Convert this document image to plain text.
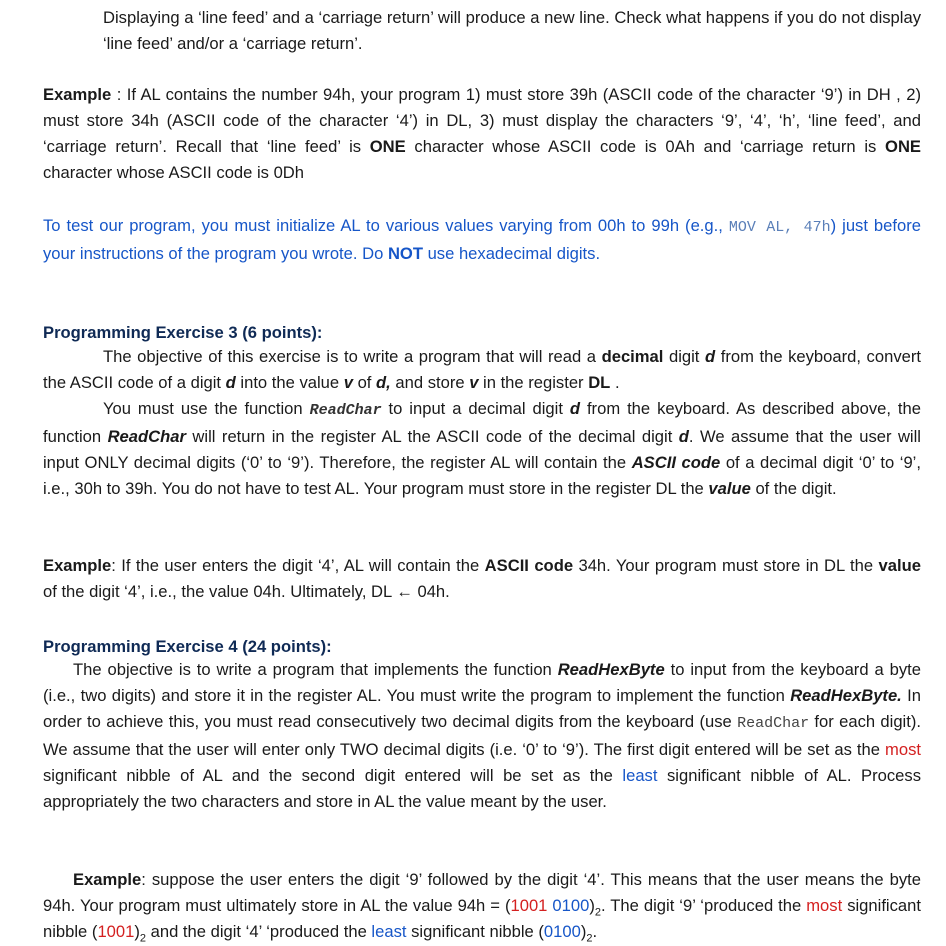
Displaying a ‘line feed’ and a ‘carriage return’ will produce a new line. Check what happens if you do not display ‘line feed’ and/or a ‘carriage return’.

Example : If AL contains the number 94h, your program 1) must store 39h (ASCII code of the character ‘9’) in DH , 2) must store 34h (ASCII code of the character ‘4’) in DL, 3) must display the characters ‘9’, ‘4’, ‘h’, ‘line feed’, and ‘carriage return’. Recall that ‘line feed’ is ONE character whose ASCII code is 0Ah and ‘carriage return is ONE character whose ASCII code is 0Dh

To test our program, you must initialize AL to various values varying from 00h to 99h (e.g., MOV AL, 47h) just before your instructions of the program you wrote. Do NOT use hexadecimal digits.

Programming Exercise 3 (6 points):

The objective of this exercise is to write a program that will read a decimal digit d from the keyboard, convert the ASCII code of a digit d into the value v of d, and store v in the register DL .

You must use the function ReadChar to input a decimal digit d from the keyboard. As described above, the function ReadChar will return in the register AL the ASCII code of the decimal digit d. We assume that the user will input ONLY decimal digits (‘0’ to ‘9’). Therefore, the register AL will contain the ASCII code of a decimal digit ‘0’ to ‘9’, i.e., 30h to 39h. You do not have to test AL. Your program must store in the register DL the value of the digit.

Example: If the user enters the digit ‘4’, AL will contain the ASCII code 34h. Your program must store in DL the value of the digit ‘4’, i.e., the value 04h. Ultimately, DL ← 04h.

Programming Exercise 4 (24 points):

The objective is to write a program that implements the function ReadHexByte to input from the keyboard a byte (i.e., two digits) and store it in the register AL. You must write the program to implement the function ReadHexByte. In order to achieve this, you must read consecutively two decimal digits from the keyboard (use ReadChar for each digit). We assume that the user will enter only TWO decimal digits (i.e. ‘0’ to ‘9’). The first digit entered will be set as the most significant nibble of AL and the second digit entered will be set as the least significant nibble of AL. Process appropriately the two characters and store in AL the value meant by the user.

Example: suppose the user enters the digit ‘9’ followed by the digit ‘4’. This means that the user means the byte 94h. Your program must ultimately store in AL the value 94h = (1001 $0100)_2$. The digit ‘9’ ‘produced the most significant nibble $(1001)_2$ and the digit ‘4’ ‘produced the least significant nibble $(0100)_2$.
